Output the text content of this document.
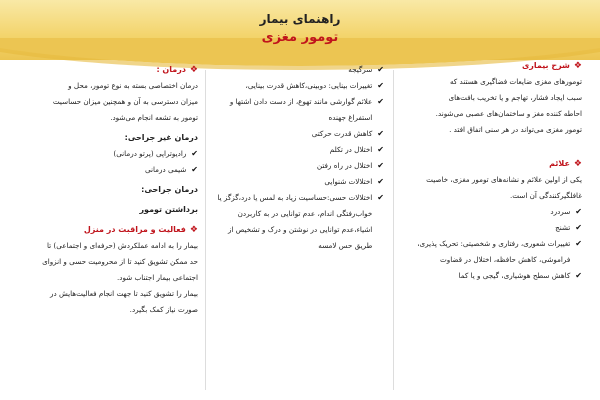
راهنمای بیمار
تومور مغزی
❖
شرح بیماری

تومورهای مغزی ضایعات فضاگیری هستند که

سبب ایجاد فشار، تهاجم و یا تخریب بافت‌های

احاطه کننده مغز و ساختمان‌های عصبی می‌شوند.

تومور مغزی می‌تواند در هر سنی اتفاق افتد .

❖
علائم

یکی از اولین علائم و نشانه‌های تومور مغزی، خاصیت

غافلگیرکنندگی آن است.

✔
سردرد
✔
تشنج
✔
تغییرات شعوری، رفتاری و شخصیتی: تحریک پذیری، فراموشی، کاهش حافظه، اختلال در قضاوت
✔
کاهش سطح هوشیاری، گیجی و یا کما
✔
سرگیجه
✔
تغییرات بینایی: دوبینی،کاهش قدرت بینایی،
✔
علائم گوارشی مانند تهوع، از دست دادن اشتها و استفراغ جهنده
✔
کاهش قدرت حرکتی
✔
اختلال در تکلم
✔
اختلال در راه رفتن
✔
اختلالات شنوایی
✔
اختلالات حسی:حساسیت زیاد به لمس یا درد،گزگز یا خواب‌رفتگی اندام، عدم توانایی در به کاربردن اشیاء،عدم توانایی در نوشتن و درک و تشخیص از طریق حس لامسه
❖
درمان :

درمان اختصاصی بسته به نوع تومور، محل و

میزان دسترسی به آن و همچنین میزان حساسیت

تومور به تشعه انجام می‌شود.

درمان غیر جراحی:
✔
رادیوتراپی (پرتو درمانی)
✔
شیمی درمانی
درمان جراحی:
برداشتن تومور
❖
فعالیت و مراقبت در منزل

بیمار را به ادامه عملکردش (حرفه‌ای و اجتماعی) تا

حد ممکن تشویق کنید تا از محرومیت حسی و انزوای

اجتماعی بیمار اجتناب شود.

بیمار را تشویق کنید تا جهت انجام فعالیت‌هایش در

صورت نیاز کمک بگیرد.
